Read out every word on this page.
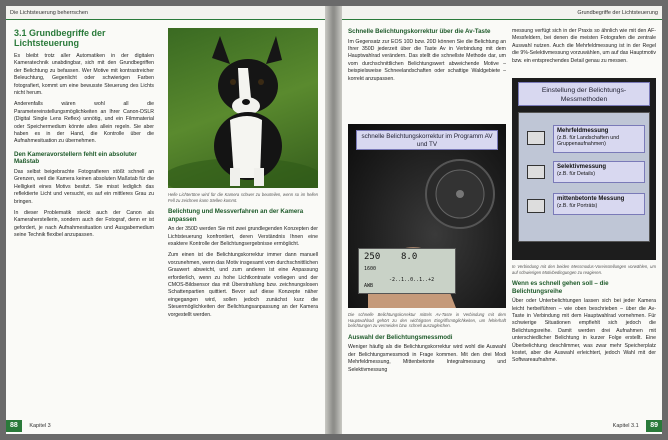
Die Lichtsteuerung beherrschen
3.1 Grundbegriffe der Lichtsteuerung

Es bleibt trotz aller Automatiken in der digitalen Kameratechnik unabdingbar, sich mit den Grundbegriffen der Belichtung zu befassen. Wer Motive mit kontrastreicher Beleuchtung, Gegenlicht oder schwierigen Farben fotografiert, kommt um eine bewusste Steuerung des Lichts nicht herum.

Anderenfalls wären wohl all die Parametereinstellungsmöglichkeiten an Ihrer Canon-DSLR (Digital Single Lens Reflex) unnötig, und ein Filmmaterial oder Speichermedium könnte alles allein regeln. Sie aber haben es in der Hand, die Kontrolle über die Aufnahmesituation zu übernehmen.

Den Kameravorstellern fehlt ein absoluter Maßstab

Das selbst beigebrachte Fotografieren stößt schnell an Grenzen, weil die Kamera keinen absoluten Maßstab für die Helligkeit eines Motivs besitzt. Sie misst lediglich das reflektierte Licht und versucht, es auf ein mittleres Grau zu bringen.

In dieser Problematik steckt auch der Canon als Kameraherstellerin, sondern auch der Fotograf, denn er ist gefordert, je nach Aufnahmesituation und Ausgabemedium seine Technik flexibel anzupassen.

Helle Lichtertöne wird für die Kamera schwer zu beurteilen, wenn so im hellen Fell zu zeichnen kann Stellen kommt.

Belichtung und Messverfahren an der Kamera anpassen

An der 350D werden Sie mit zwei grundlegenden Konzepten der Lichtsteuerung konfrontiert, deren Verständnis Ihnen eine exaktere Kontrolle der Belichtungsergebnisse ermöglicht.

Zum einen ist die Belichtungskorrektur immer dann manuell vorzunehmen, wenn das Motiv insgesamt vom durchschnittlichen Grauwert abweicht, und zum anderen ist eine Anpassung erforderlich, wenn zu hohe Lichtkontraste vorliegen und der CMOS-Bildsensor das mit Überstrahlung bzw. zeichnungslosen Schattenpartien quittiert. Bevor auf diese Konzepte näher eingegangen wird, sollen jedoch zunächst kurz die Steuermöglichkeiten der Belichtungsanpassung an der Kamera vorgestellt werden.

88 Kapitel 3
Grundbegriffe der Lichtsteuerung
Schnelle Belichtungskorrektur über die Av-Taste

Im Gegensatz zur EOS 10D bzw. 20D können Sie die Belichtung an Ihrer 350D jederzeit über die Taste Av in Verbindung mit dem Hauptwahlrad verändern. Das stellt die schnellste Methode dar, um vom durchschnittlichen Belichtungswert abweichende Motive – beispielsweise Schneelandschaften oder schattige Waldgebiete – korrekt anzupassen.

schnelle Belichtungskorrektur im Programm AV und TV
250 8.0
1600
AWB
-2..1..0..1..+2

Die schnelle Belichtungskorrektur mittels Av-Taste in Verbindung mit dem Hauptwahlrad gehört zu den wichtigsten Eingriffsmöglichkeiten, um fehlerhaft belichtungen zu vermeiden bzw. schnell auszugleichen.

Auswahl der Belichtungsmessmodi

Weniger häufig als die Belichtungskorrektur wird wohl die Auswahl der Belichtungsmessmodi in Frage kommen. Mit den drei Modi Mehrfeldmessung, Mittenbetonte Integralmessung und Selektivmessung

messung verfügt sich in der Praxis so ähnlich wie mit den AF-Messfeldern, bei denen die meisten Fotografen die zentrale Auswahl nutzen. Auch die Mehrfeldmessung ist in der Regel die 9%-Selektivmessung vorzuwählen, um auf das Hauptmotiv bzw. ein entsprechendes Detail genau zu messen.

Einstellung der Belichtungs-Messmethoden
Mehrfeldmessung
(z.B. für Landschaften und Gruppenaufnahmen)
Selektivmessung
(z.B. für Details)
mittenbetonte Messung
(z.B. für Porträts)

In Verbindung mit den beiden Messmodus-Voreinstellungen vorwählen, um auf schwierigen Motivbedingungen zu reagieren.

Wenn es schnell gehen soll – die Belichtungsreihe

Über oder Unterbelichtungen lassen sich bei jeder Kamera leicht herbeiführen – wie oben beschrieben – über die Av-Taste in Verbindung mit dem Hauptwahlrad vornehmen. Für schwierige Situationen empfiehlt sich jedoch die Belichtungsreihe. Damit werden drei Aufnahmen mit unterschiedlicher Belichtung in kurzer Folge erstellt. Eine Überbelichtung deschlimmer, was zwar mehr Speicherplatz kostet, aber die Auswahl erleichtert, jedoch Wahl mit der Softwareaufnahme.

Kapitel 3.1 89
